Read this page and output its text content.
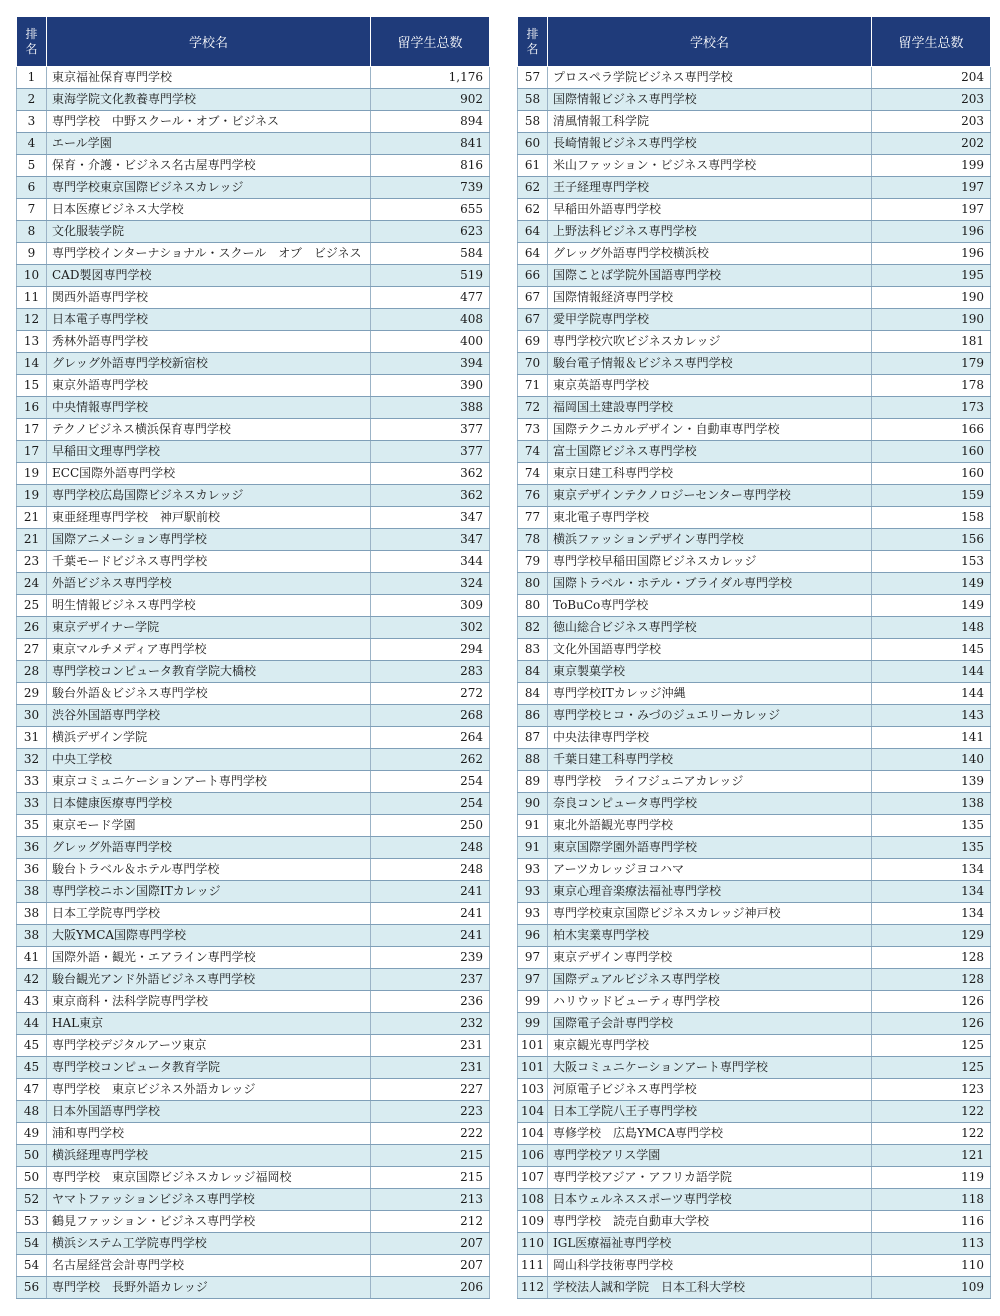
排
名	学校名	留学生总数
1	東京福祉保育専門学校	1,176
2	東海学院文化教養専門学校	902
3	専門学校　中野スクール・オブ・ビジネス	894
4	エール学園	841
5	保育・介護・ビジネス名古屋専門学校	816
6	専門学校東京国際ビジネスカレッジ	739
7	日本医療ビジネス大学校	655
8	文化服装学院	623
9	専門学校インターナショナル・スクール　オブ　ビジネス	584
10	CAD製図専門学校	519
11	関西外語専門学校	477
12	日本電子専門学校	408
13	秀林外語専門学校	400
14	グレッグ外語専門学校新宿校	394
15	東京外語専門学校	390
16	中央情報専門学校	388
17	テクノビジネス横浜保育専門学校	377
17	早稲田文理専門学校	377
19	ECC国際外語専門学校	362
19	専門学校広島国際ビジネスカレッジ	362
21	東亜経理専門学校　神戸駅前校	347
21	国際アニメーション専門学校	347
23	千葉モードビジネス専門学校	344
24	外語ビジネス専門学校	324
25	明生情報ビジネス専門学校	309
26	東京デザイナー学院	302
27	東京マルチメディア専門学校	294
28	専門学校コンピュータ教育学院大橋校	283
29	駿台外語＆ビジネス専門学校	272
30	渋谷外国語専門学校	268
31	横浜デザイン学院	264
32	中央工学校	262
33	東京コミュニケーションアート専門学校	254
33	日本健康医療専門学校	254
35	東京モード学園	250
36	グレッグ外語専門学校	248
36	駿台トラベル＆ホテル専門学校	248
38	専門学校ニホン国際ITカレッジ	241
38	日本工学院専門学校	241
38	大阪YMCA国際専門学校	241
41	国際外語・観光・エアライン専門学校	239
42	駿台観光アンド外語ビジネス専門学校	237
43	東京商科・法科学院専門学校	236
44	HAL東京	232
45	専門学校デジタルアーツ東京	231
45	専門学校コンピュータ教育学院	231
47	専門学校　東京ビジネス外語カレッジ	227
48	日本外国語専門学校	223
49	浦和専門学校	222
50	横浜経理専門学校	215
50	専門学校　東京国際ビジネスカレッジ福岡校	215
52	ヤマトファッションビジネス専門学校	213
53	鶴見ファッション・ビジネス専門学校	212
54	横浜システム工学院専門学校	207
54	名古屋経営会計専門学校	207
56	専門学校　長野外語カレッジ	206
排
名	学校名	留学生总数
57	プロスペラ学院ビジネス専門学校	204
58	国際情報ビジネス専門学校	203
58	清風情報工科学院	203
60	長崎情報ビジネス専門学校	202
61	米山ファッション・ビジネス専門学校	199
62	王子経理専門学校	197
62	早稲田外語専門学校	197
64	上野法科ビジネス専門学校	196
64	グレッグ外語専門学校横浜校	196
66	国際ことば学院外国語専門学校	195
67	国際情報経済専門学校	190
67	愛甲学院専門学校	190
69	専門学校穴吹ビジネスカレッジ	181
70	駿台電子情報＆ビジネス専門学校	179
71	東京英語専門学校	178
72	福岡国土建設専門学校	173
73	国際テクニカルデザイン・自動車専門学校	166
74	富士国際ビジネス専門学校	160
74	東京日建工科専門学校	160
76	東京デザインテクノロジーセンター専門学校	159
77	東北電子専門学校	158
78	横浜ファッションデザイン専門学校	156
79	専門学校早稲田国際ビジネスカレッジ	153
80	国際トラベル・ホテル・ブライダル専門学校	149
80	ToBuCo専門学校	149
82	徳山総合ビジネス専門学校	148
83	文化外国語専門学校	145
84	東京製菓学校	144
84	専門学校ITカレッジ沖縄	144
86	専門学校ヒコ・みづのジュエリーカレッジ	143
87	中央法律専門学校	141
88	千葉日建工科専門学校	140
89	専門学校　ライフジュニアカレッジ	139
90	奈良コンピュータ専門学校	138
91	東北外語観光専門学校	135
91	東京国際学園外語専門学校	135
93	アーツカレッジヨコハマ	134
93	東京心理音楽療法福祉専門学校	134
93	専門学校東京国際ビジネスカレッジ神戸校	134
96	柏木実業専門学校	129
97	東京デザイン専門学校	128
97	国際デュアルビジネス専門学校	128
99	ハリウッドビューティ専門学校	126
99	国際電子会計専門学校	126
101	東京観光専門学校	125
101	大阪コミュニケーションアート専門学校	125
103	河原電子ビジネス専門学校	123
104	日本工学院八王子専門学校	122
104	専修学校　広島YMCA専門学校	122
106	専門学校アリス学園	121
107	専門学校アジア・アフリカ語学院	119
108	日本ウェルネススポーツ専門学校	118
109	専門学校　読売自動車大学校	116
110	IGL医療福祉専門学校	113
111	岡山科学技術専門学校	110
112	学校法人誠和学院　日本工科大学校	109
